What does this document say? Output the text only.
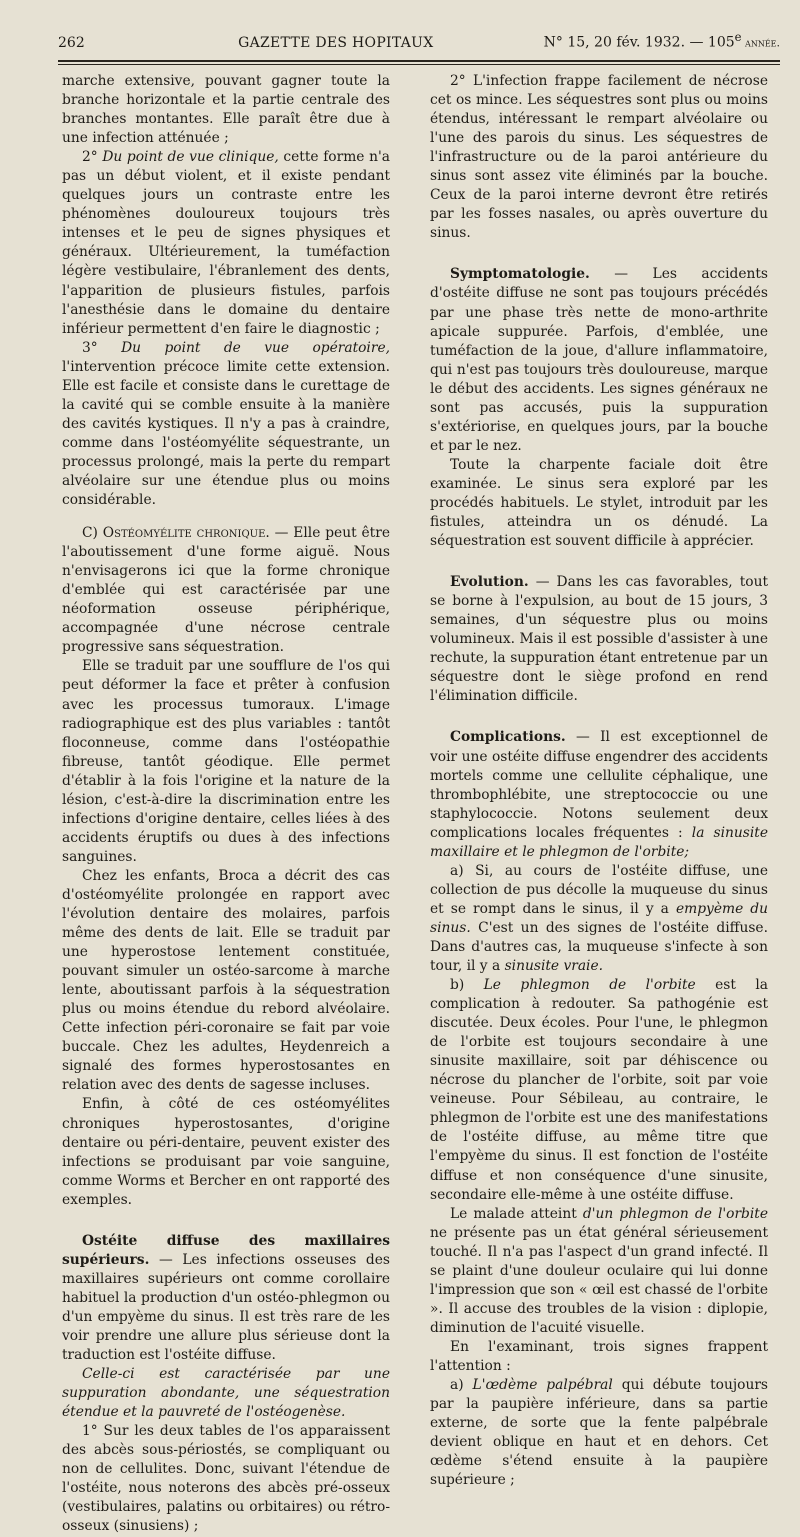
262	GAZETTE DES HOPITAUX	N° 15, 20 fév. 1932. — 105e année.

marche extensive, pouvant gagner toute la branche horizontale et la partie centrale des branches montantes. Elle paraît être due à une infection atténuée ;

2° Du point de vue clinique, cette forme n'a pas un début violent, et il existe pendant quelques jours un contraste entre les phénomènes douloureux toujours très intenses et le peu de signes physiques et généraux. Ultérieurement, la tuméfaction légère vestibulaire, l'ébranlement des dents, l'apparition de plusieurs fistules, parfois l'anesthésie dans le domaine du dentaire inférieur permettent d'en faire le diagnostic ;

3° Du point de vue opératoire, l'intervention précoce limite cette extension. Elle est facile et consiste dans le curettage de la cavité qui se comble ensuite à la manière des cavités kystiques. Il n'y a pas à craindre, comme dans l'ostéomyélite séquestrante, un processus prolongé, mais la perte du rempart alvéolaire sur une étendue plus ou moins considérable.

C) Ostéomyélite chronique. — Elle peut être l'aboutissement d'une forme aiguë. Nous n'envisagerons ici que la forme chronique d'emblée qui est caractérisée par une néoformation osseuse périphérique, accompagnée d'une nécrose centrale progressive sans séquestration.

Elle se traduit par une soufflure de l'os qui peut déformer la face et prêter à confusion avec les processus tumoraux. L'image radiographique est des plus variables : tantôt floconneuse, comme dans l'ostéopathie fibreuse, tantôt géodique. Elle permet d'établir à la fois l'origine et la nature de la lésion, c'est-à-dire la discrimination entre les infections d'origine dentaire, celles liées à des accidents éruptifs ou dues à des infections sanguines.

Chez les enfants, Broca a décrit des cas d'ostéomyélite prolongée en rapport avec l'évolution dentaire des molaires, parfois même des dents de lait. Elle se traduit par une hyperostose lentement constituée, pouvant simuler un ostéo-sarcome à marche lente, aboutissant parfois à la séquestration plus ou moins étendue du rebord alvéolaire. Cette infection péri-coronaire se fait par voie buccale. Chez les adultes, Heydenreich a signalé des formes hyperostosantes en relation avec des dents de sagesse incluses.

Enfin, à côté de ces ostéomyélites chroniques hyperostosantes, d'origine dentaire ou péri-dentaire, peuvent exister des infections se produisant par voie sanguine, comme Worms et Bercher en ont rapporté des exemples.

Ostéite diffuse des maxillaires supérieurs. — Les infections osseuses des maxillaires supérieurs ont comme corollaire habituel la production d'un ostéo-phlegmon ou d'un empyème du sinus. Il est très rare de les voir prendre une allure plus sérieuse dont la traduction est l'ostéite diffuse.

Celle-ci est caractérisée par une suppuration abondante, une séquestration étendue et la pauvreté de l'ostéogenèse.

1° Sur les deux tables de l'os apparaissent des abcès sous-périostés, se compliquant ou non de cellulites. Donc, suivant l'étendue de l'ostéite, nous noterons des abcès pré-osseux (vestibulaires, palatins ou orbitaires) ou rétro-osseux (sinusiens) ;

2° L'infection frappe facilement de nécrose cet os mince. Les séquestres sont plus ou moins étendus, intéressant le rempart alvéolaire ou l'une des parois du sinus. Les séquestres de l'infrastructure ou de la paroi antérieure du sinus sont assez vite éliminés par la bouche. Ceux de la paroi interne devront être retirés par les fosses nasales, ou après ouverture du sinus.

Symptomatologie. — Les accidents d'ostéite diffuse ne sont pas toujours précédés par une phase très nette de mono-arthrite apicale suppurée. Parfois, d'emblée, une tuméfaction de la joue, d'allure inflammatoire, qui n'est pas toujours très douloureuse, marque le début des accidents. Les signes généraux ne sont pas accusés, puis la suppuration s'extériorise, en quelques jours, par la bouche et par le nez.

Toute la charpente faciale doit être examinée. Le sinus sera exploré par les procédés habituels. Le stylet, introduit par les fistules, atteindra un os dénudé. La séquestration est souvent difficile à apprécier.

Evolution. — Dans les cas favorables, tout se borne à l'expulsion, au bout de 15 jours, 3 semaines, d'un séquestre plus ou moins volumineux. Mais il est possible d'assister à une rechute, la suppuration étant entretenue par un séquestre dont le siège profond en rend l'élimination difficile.

Complications. — Il est exceptionnel de voir une ostéite diffuse engendrer des accidents mortels comme une cellulite céphalique, une thrombophlébite, une streptococcie ou une staphylococcie. Notons seulement deux complications locales fréquentes : la sinusite maxillaire et le phlegmon de l'orbite;

a) Si, au cours de l'ostéite diffuse, une collection de pus décolle la muqueuse du sinus et se rompt dans le sinus, il y a empyème du sinus. C'est un des signes de l'ostéite diffuse. Dans d'autres cas, la muqueuse s'infecte à son tour, il y a sinusite vraie.

b) Le phlegmon de l'orbite est la complication à redouter. Sa pathogénie est discutée. Deux écoles. Pour l'une, le phlegmon de l'orbite est toujours secondaire à une sinusite maxillaire, soit par déhiscence ou nécrose du plancher de l'orbite, soit par voie veineuse. Pour Sébileau, au contraire, le phlegmon de l'orbite est une des manifestations de l'ostéite diffuse, au même titre que l'empyème du sinus. Il est fonction de l'ostéite diffuse et non conséquence d'une sinusite, secondaire elle-même à une ostéite diffuse.

Le malade atteint d'un phlegmon de l'orbite ne présente pas un état général sérieusement touché. Il n'a pas l'aspect d'un grand infecté. Il se plaint d'une douleur oculaire qui lui donne l'impression que son « œil est chassé de l'orbite ». Il accuse des troubles de la vision : diplopie, diminution de l'acuité visuelle.

En l'examinant, trois signes frappent l'attention :

a) L'œdème palpébral qui débute toujours par la paupière inférieure, dans sa partie externe, de sorte que la fente palpébrale devient oblique en haut et en dehors. Cet œdème s'étend ensuite à la paupière supérieure ;
